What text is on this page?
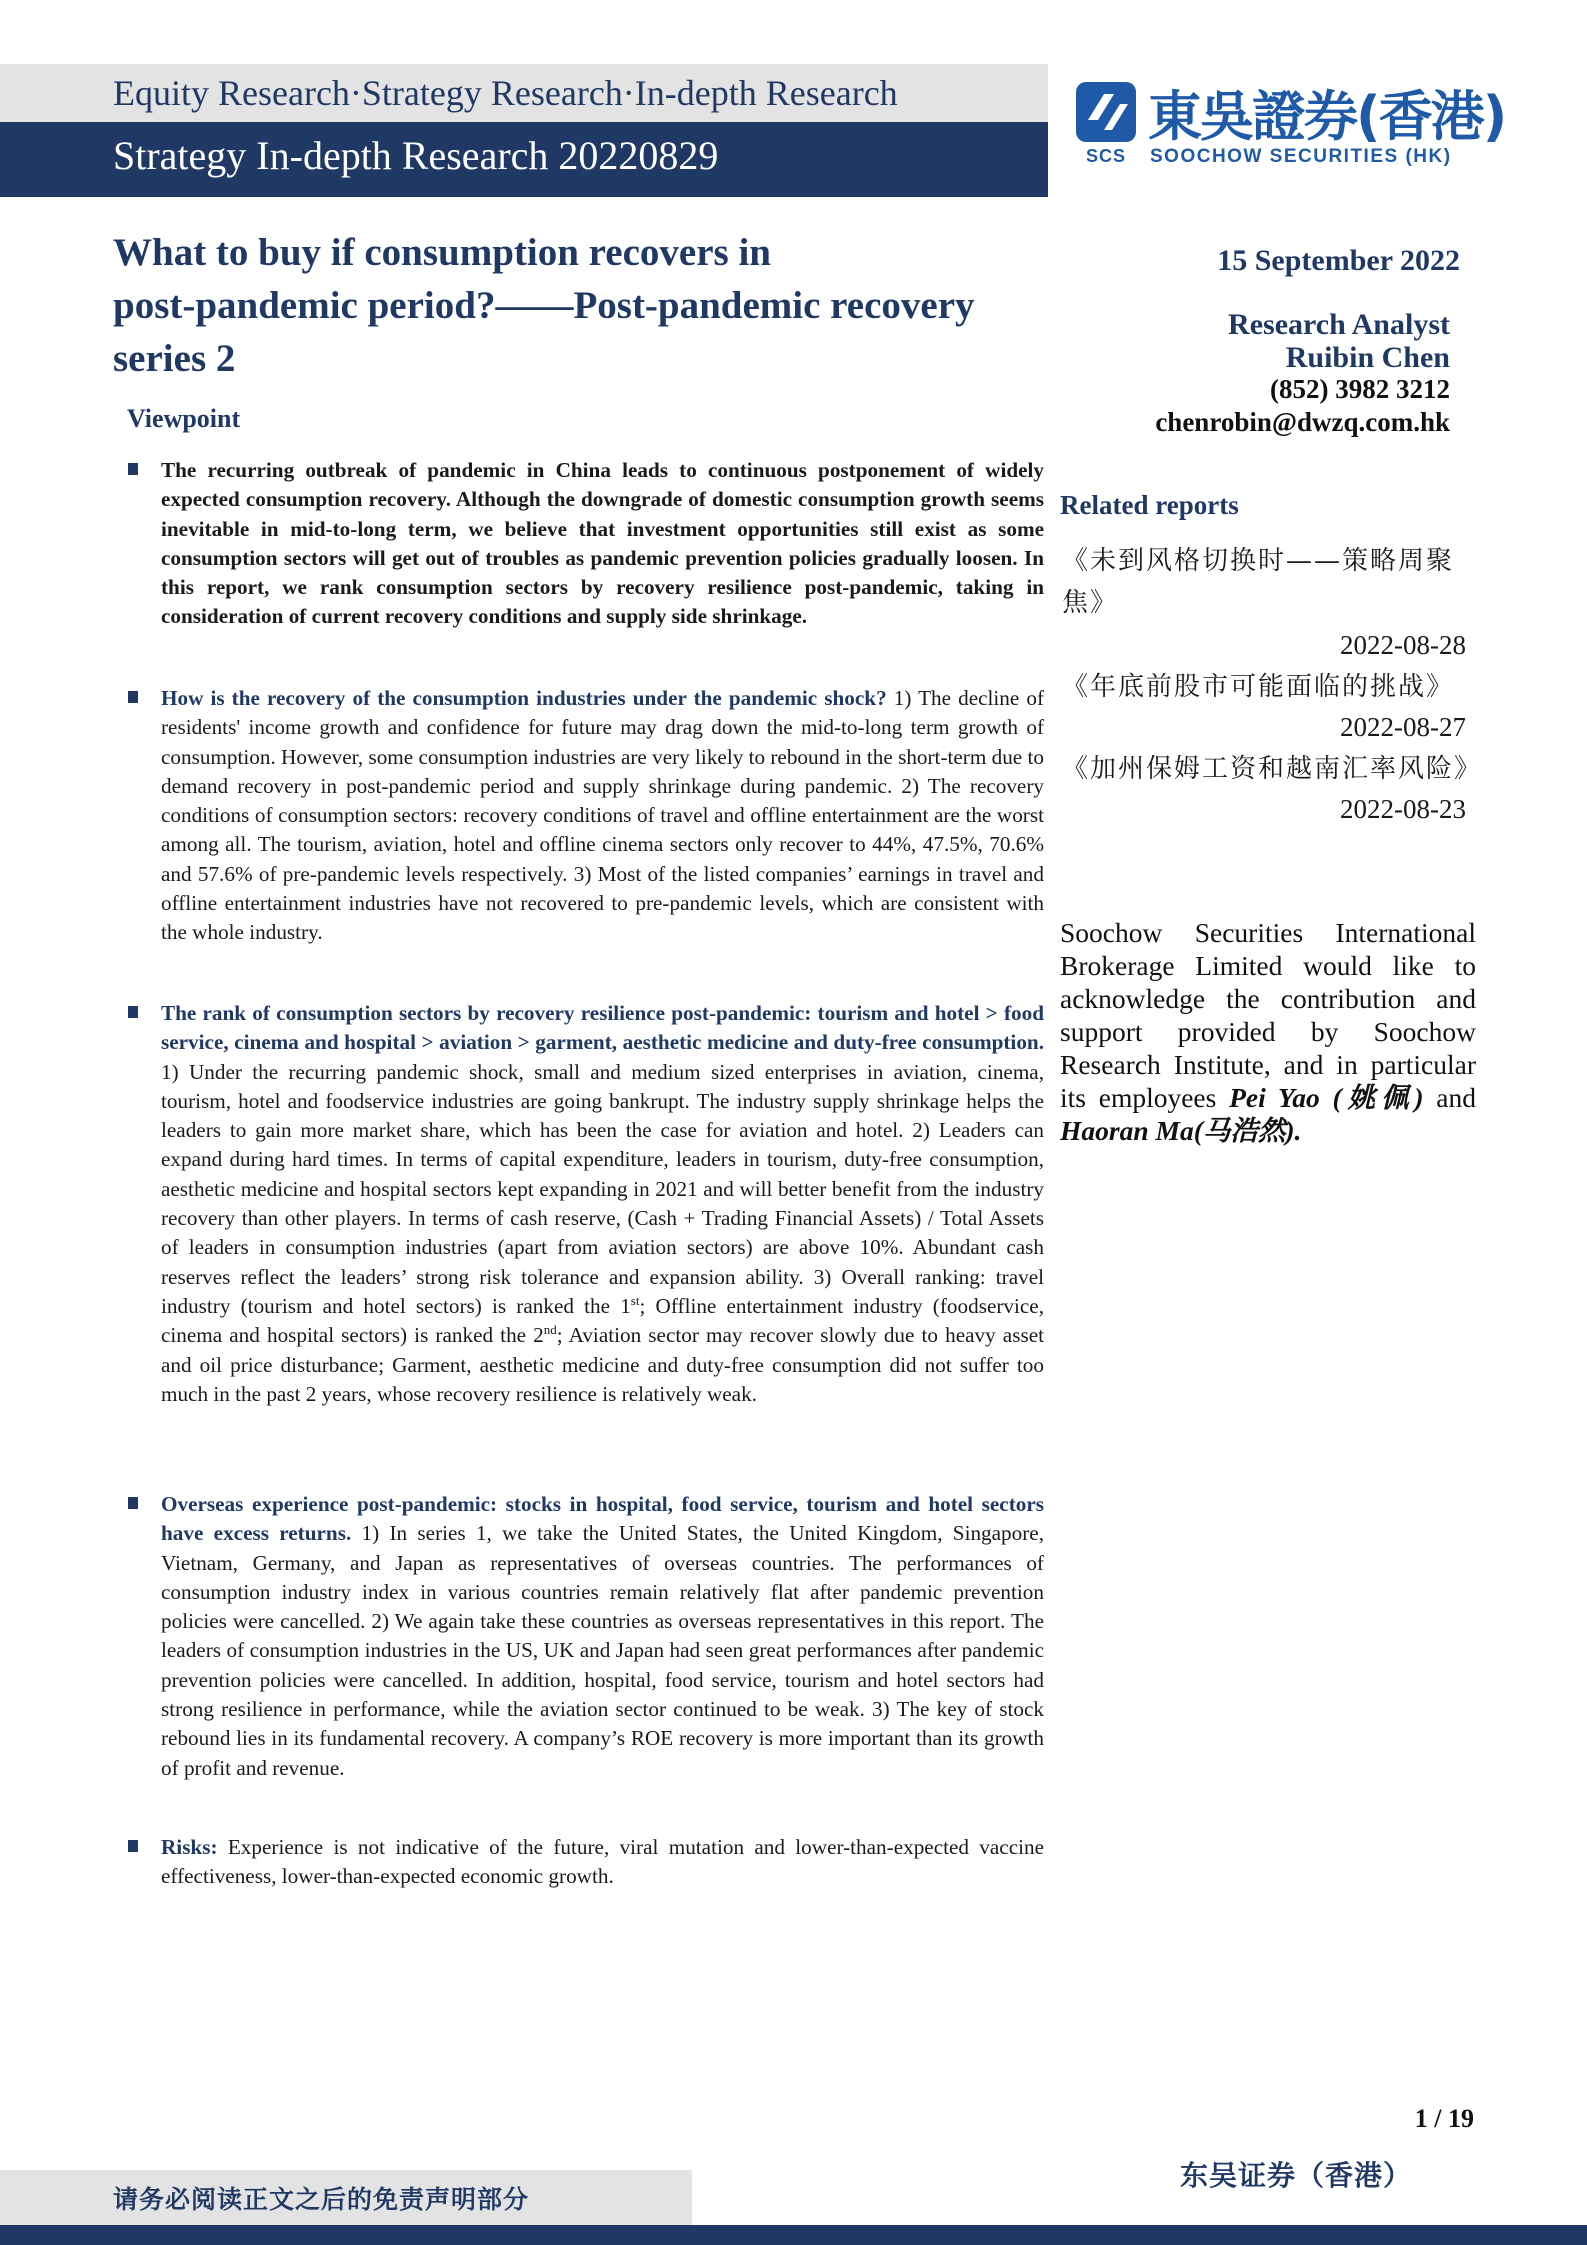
Equity Research·Strategy Research·In-depth Research
Strategy In-depth Research 20220829	SCS
東吳證券(香港)
SOOCHOW SECURITIES (HK)
What to buy if consumption recovers in
post-pandemic period?——Post-pandemic recovery
series 2
Viewpoint
15 September 2022
Research Analyst
Ruibin Chen
(852) 3982 3212
chenrobin@dwzq.com.hk
Related reports
《未到风格切换时——策略周聚焦》
2022-08-28
《年底前股市可能面临的挑战》
2022-08-27
《加州保姆工资和越南汇率风险》
2022-08-23
Soochow Securities International Brokerage Limited would like to acknowledge the contribution and support provided by Soochow Research Institute, and in particular its employees Pei Yao (姚佩) and Haoran Ma(马浩然).
The recurring outbreak of pandemic in China leads to continuous postponement of widely expected consumption recovery. Although the downgrade of domestic consumption growth seems inevitable in mid-to-long term, we believe that investment opportunities still exist as some consumption sectors will get out of troubles as pandemic prevention policies gradually loosen. In this report, we rank consumption sectors by recovery resilience post-pandemic, taking in consideration of current recovery conditions and supply side shrinkage.
How is the recovery of the consumption industries under the pandemic shock? 1) The decline of residents' income growth and confidence for future may drag down the mid-to-long term growth of consumption. However, some consumption industries are very likely to rebound in the short-term due to demand recovery in post-pandemic period and supply shrinkage during pandemic. 2) The recovery conditions of consumption sectors: recovery conditions of travel and offline entertainment are the worst among all. The tourism, aviation, hotel and offline cinema sectors only recover to 44%, 47.5%, 70.6% and 57.6% of pre-pandemic levels respectively. 3) Most of the listed companies’ earnings in travel and offline entertainment industries have not recovered to pre-pandemic levels, which are consistent with the whole industry.
The rank of consumption sectors by recovery resilience post-pandemic: tourism and hotel > food service, cinema and hospital > aviation > garment, aesthetic medicine and duty-free consumption. 1) Under the recurring pandemic shock, small and medium sized enterprises in aviation, cinema, tourism, hotel and foodservice industries are going bankrupt. The industry supply shrinkage helps the leaders to gain more market share, which has been the case for aviation and hotel. 2) Leaders can expand during hard times. In terms of capital expenditure, leaders in tourism, duty-free consumption, aesthetic medicine and hospital sectors kept expanding in 2021 and will better benefit from the industry recovery than other players. In terms of cash reserve, (Cash + Trading Financial Assets) / Total Assets of leaders in consumption industries (apart from aviation sectors) are above 10%. Abundant cash reserves reflect the leaders’ strong risk tolerance and expansion ability. 3) Overall ranking: travel industry (tourism and hotel sectors) is ranked the 1st; Offline entertainment industry (foodservice, cinema and hospital sectors) is ranked the 2nd; Aviation sector may recover slowly due to heavy asset and oil price disturbance; Garment, aesthetic medicine and duty-free consumption did not suffer too much in the past 2 years, whose recovery resilience is relatively weak.
Overseas experience post-pandemic: stocks in hospital, food service, tourism and hotel sectors have excess returns. 1) In series 1, we take the United States, the United Kingdom, Singapore, Vietnam, Germany, and Japan as representatives of overseas countries. The performances of consumption industry index in various countries remain relatively flat after pandemic prevention policies were cancelled. 2) We again take these countries as overseas representatives in this report. The leaders of consumption industries in the US, UK and Japan had seen great performances after pandemic prevention policies were cancelled. In addition, hospital, food service, tourism and hotel sectors had strong resilience in performance, while the aviation sector continued to be weak. 3) The key of stock rebound lies in its fundamental recovery. A company’s ROE recovery is more important than its growth of profit and revenue.
Risks: Experience is not indicative of the future, viral mutation and lower-than-expected vaccine effectiveness, lower-than-expected economic growth.
1 / 19
东吴证券（香港）
请务必阅读正文之后的免责声明部分
